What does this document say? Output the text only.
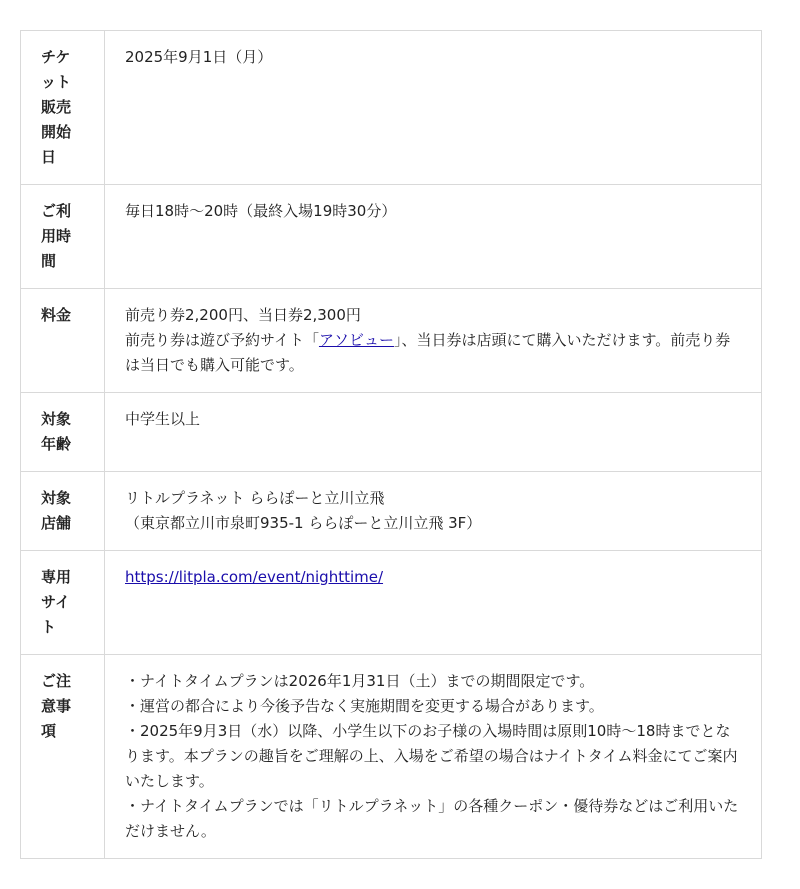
チケット販売開始日	2025年9月1日（月）

ご利用時間	毎日18時～20時（最終入場19時30分）

料金	前売り券2,200円、当日券2,300円
前売り券は遊び予約サイト「アソビュー」、当日券は店頭にて購入いただけます。前売り券は当日でも購入可能です。

対象年齢	中学生以上

対象店舗	リトルプラネット ららぽーと立川立飛
（東京都立川市泉町935-1 ららぽーと立川立飛 3F）

専用サイト	https://litpla.com/event/nighttime/

ご注意事項	・ナイトタイムプランは2026年1月31日（土）までの期間限定です。
・運営の都合により今後予告なく実施期間を変更する場合があります。
・2025年9月3日（水）以降、小学生以下のお子様の入場時間は原則10時～18時までとなります。本プランの趣旨をご理解の上、入場をご希望の場合はナイトタイム料金にてご案内いたします。
・ナイトタイムプランでは「リトルプラネット」の各種クーポン・優待券などはご利用いただけません。
